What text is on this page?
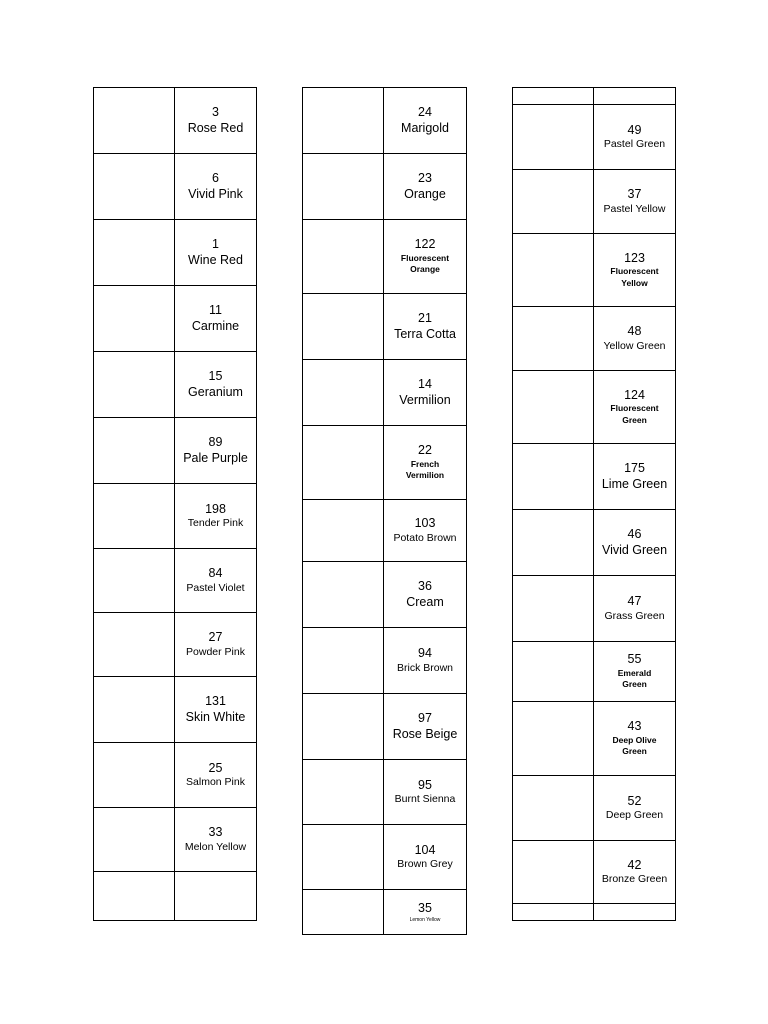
3
Rose Red
6
Vivid Pink
1
Wine Red
11
Carmine
15
Geranium
89
Pale Purple
198
Tender Pink
84
Pastel Violet
27
Powder Pink
131
Skin White
25
Salmon Pink
33
Melon Yellow
24
Marigold
23
Orange
122
Fluorescent Orange
21
Terra Cotta
14
Vermilion
22
French Vermilion
103
Potato Brown
36
Cream
94
Brick Brown
97
Rose Beige
95
Burnt Sienna
104
Brown Grey
35
Lemon Yellow
49
Pastel Green
37
Pastel Yellow
123
Fluorescent Yellow
48
Yellow Green
124
Fluorescent Green
175
Lime Green
46
Vivid Green
47
Grass Green
55
Emerald Green
43
Deep Olive Green
52
Deep Green
42
Bronze Green
